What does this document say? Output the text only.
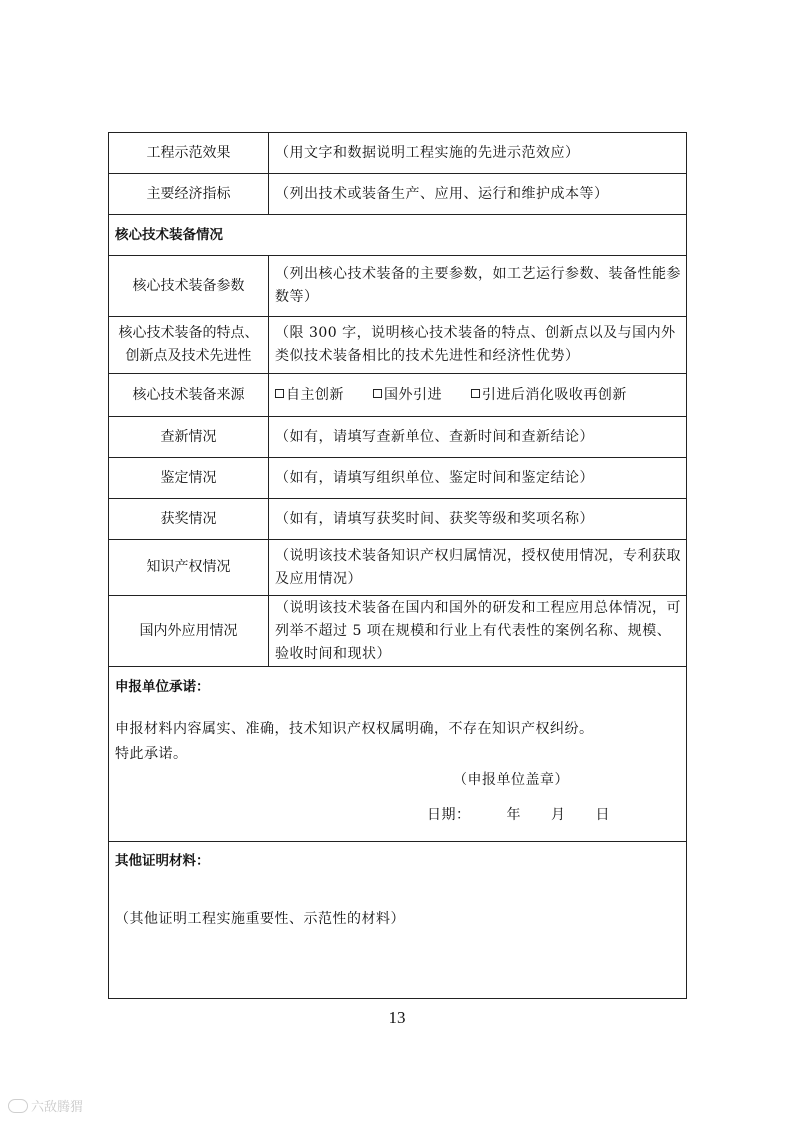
工程示范效果	（用文字和数据说明工程实施的先进示范效应）
主要经济指标	（列出技术或装备生产、应用、运行和维护成本等）
核心技术装备情况	
核心技术装备参数	（列出核心技术装备的主要参数，如工艺运行参数、装备性能参数等）
核心技术装备的特点、创新点及技术先进性	（限 300 字，说明核心技术装备的特点、创新点以及与国内外类似技术装备相比的技术先进性和经济性优势）
核心技术装备来源	自主创新 国外引进 引进后消化吸收再创新
查新情况	（如有，请填写查新单位、查新时间和查新结论）
鉴定情况	（如有，请填写组织单位、鉴定时间和鉴定结论）
获奖情况	（如有，请填写获奖时间、获奖等级和奖项名称）
知识产权情况	（说明该技术装备知识产权归属情况，授权使用情况，专利获取及应用情况）
国内外应用情况	（说明该技术装备在国内和国外的研发和工程应用总体情况，可列举不超过 5 项在规模和行业上有代表性的案例名称、规模、验收时间和现状）

申报单位承诺：
申报材料内容属实、准确，技术知识产权权属明确，不存在知识产权纠纷。
特此承诺。
（申报单位盖章）
日期： 年 月 日	

其他证明材料：
（其他证明工程实施重要性、示范性的材料）	
13
六敌腾猬
